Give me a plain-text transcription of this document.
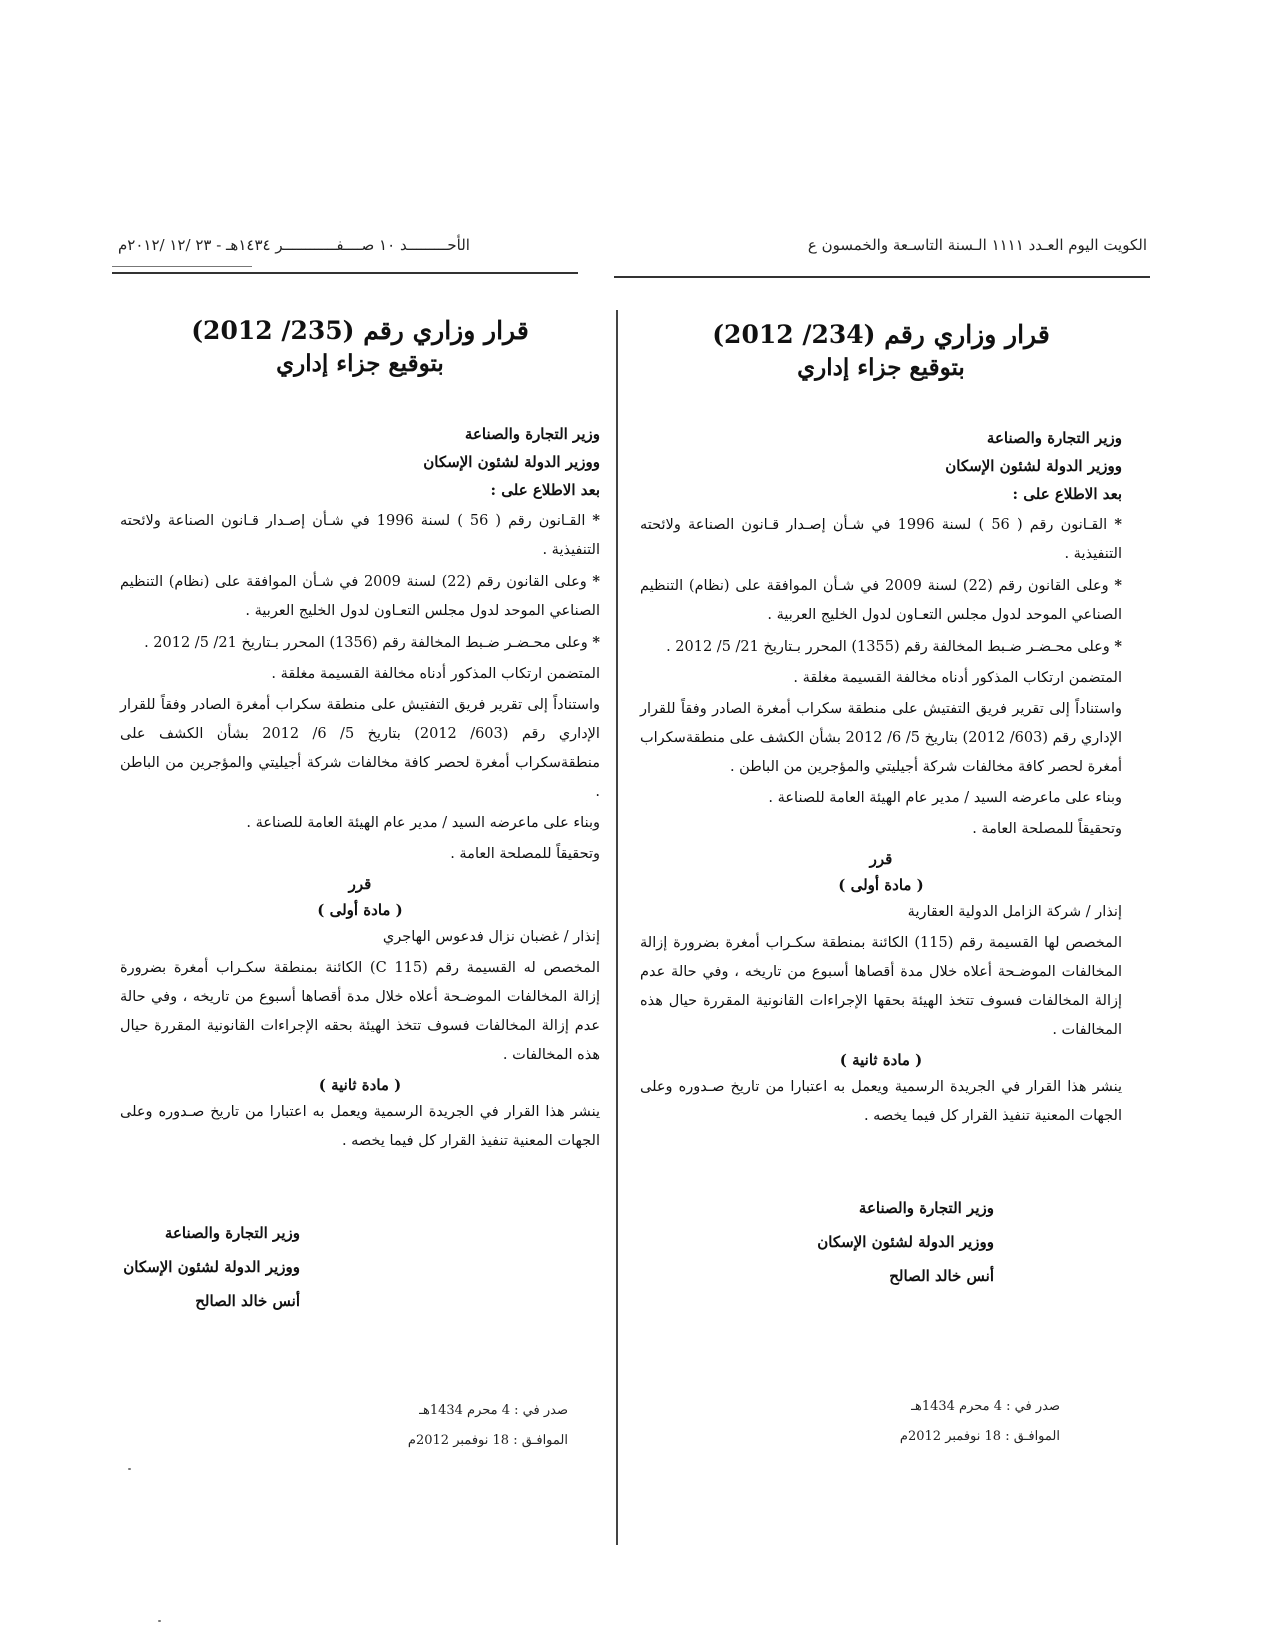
الكويت اليوم العـدد ١١١١ الـسنة التاسـعة والخمسون ع
الأحـــــــــد ١٠ صــــفــــــــــــر ١٤٣٤هـ - ٢٣ /١٢ /٢٠١٢م

قرار وزاري رقم (234/ 2012)

بتوقيع جزاء إداري

وزير التجارة والصناعة

ووزير الدولة لشئون الإسكان

بعد الاطلاع على :

* القـانون رقم ( 56 ) لسنة 1996 في شـأن إصـدار قـانون الصناعة ولائحته التنفيذية .

* وعلى القانون رقم (22) لسنة 2009 في شـأن الموافقة على (نظام) التنظيم الصناعي الموحد لدول مجلس التعـاون لدول الخليج العربية .

* وعلى محـضـر ضـبط المخالفة رقم (1355) المحرر بـتاريخ 21/ 5/ 2012 .

المتضمن ارتكاب المذكور أدناه مخالفة القسيمة مغلقة .

واستناداً إلى تقرير فريق التفتيش على منطقة سكراب أمغرة الصادر وفقاً للقرار الإداري رقم (603/ 2012) بتاريخ 5/ 6/ 2012 بشأن الكشف على منطقةسكراب أمغرة لحصر كافة مخالفات شركة أجيليتي والمؤجرين من الباطن .

وبناء على ماعرضه السيد / مدير عام الهيئة العامة للصناعة .

وتحقيقاً للمصلحة العامة .

قرر

( مادة أولى )

إنذار / شركة الزامل الدولية العقارية

المخصص لها القسيمة رقم (115) الكائنة بمنطقة سكـراب أمغرة بضرورة إزالة المخالفات الموضـحة أعلاه خلال مدة أقصاها أسبوع من تاريخه ، وفي حالة عدم إزالة المخالفات فسوف تتخذ الهيئة بحقها الإجراءات القانونية المقررة حيال هذه المخالفات .

( مادة ثانية )

ينشر هذا القرار في الجريدة الرسمية ويعمل به اعتبارا من تاريخ صـدوره وعلى الجهات المعنية تنفيذ القرار كل فيما يخصه .

وزير التجارة والصناعة

ووزير الدولة لشئون الإسكان

أنس خالد الصالح

صدر في : 4 محرم 1434هـ

الموافـق : 18 نوفمبر 2012م

قرار وزاري رقم (235/ 2012)

بتوقيع جزاء إداري

وزير التجارة والصناعة

ووزير الدولة لشئون الإسكان

بعد الاطلاع على :

* القـانون رقم ( 56 ) لسنة 1996 في شـأن إصـدار قـانون الصناعة ولائحته التنفيذية .

* وعلى القانون رقم (22) لسنة 2009 في شـأن الموافقة على (نظام) التنظيم الصناعي الموحد لدول مجلس التعـاون لدول الخليج العربية .

* وعلى محـضـر ضـبط المخالفة رقم (1356) المحرر بـتاريخ 21/ 5/ 2012 .

المتضمن ارتكاب المذكور أدناه مخالفة القسيمة مغلقة .

واستناداً إلى تقرير فريق التفتيش على منطقة سكراب أمغرة الصادر وفقاً للقرار الإداري رقم (603/ 2012) بتاريخ 5/ 6/ 2012 بشأن الكشف على منطقةسكراب أمغرة لحصر كافة مخالفات شركة أجيليتي والمؤجرين من الباطن .

وبناء على ماعرضه السيد / مدير عام الهيئة العامة للصناعة .

وتحقيقاً للمصلحة العامة .

قرر

( مادة أولى )

إنذار / غضبان نزال فدعوس الهاجري

المخصص له القسيمة رقم (115 C) الكائنة بمنطقة سكـراب أمغرة بضرورة إزالة المخالفات الموضـحة أعلاه خلال مدة أقصاها أسبوع من تاريخه ، وفي حالة عدم إزالة المخالفات فسوف تتخذ الهيئة بحقه الإجراءات القانونية المقررة حيال هذه المخالفات .

( مادة ثانية )

ينشر هذا القرار في الجريدة الرسمية ويعمل به اعتبارا من تاريخ صـدوره وعلى الجهات المعنية تنفيذ القرار كل فيما يخصه .

وزير التجارة والصناعة

ووزير الدولة لشئون الإسكان

أنس خالد الصالح

صدر في : 4 محرم 1434هـ

الموافـق : 18 نوفمبر 2012م
